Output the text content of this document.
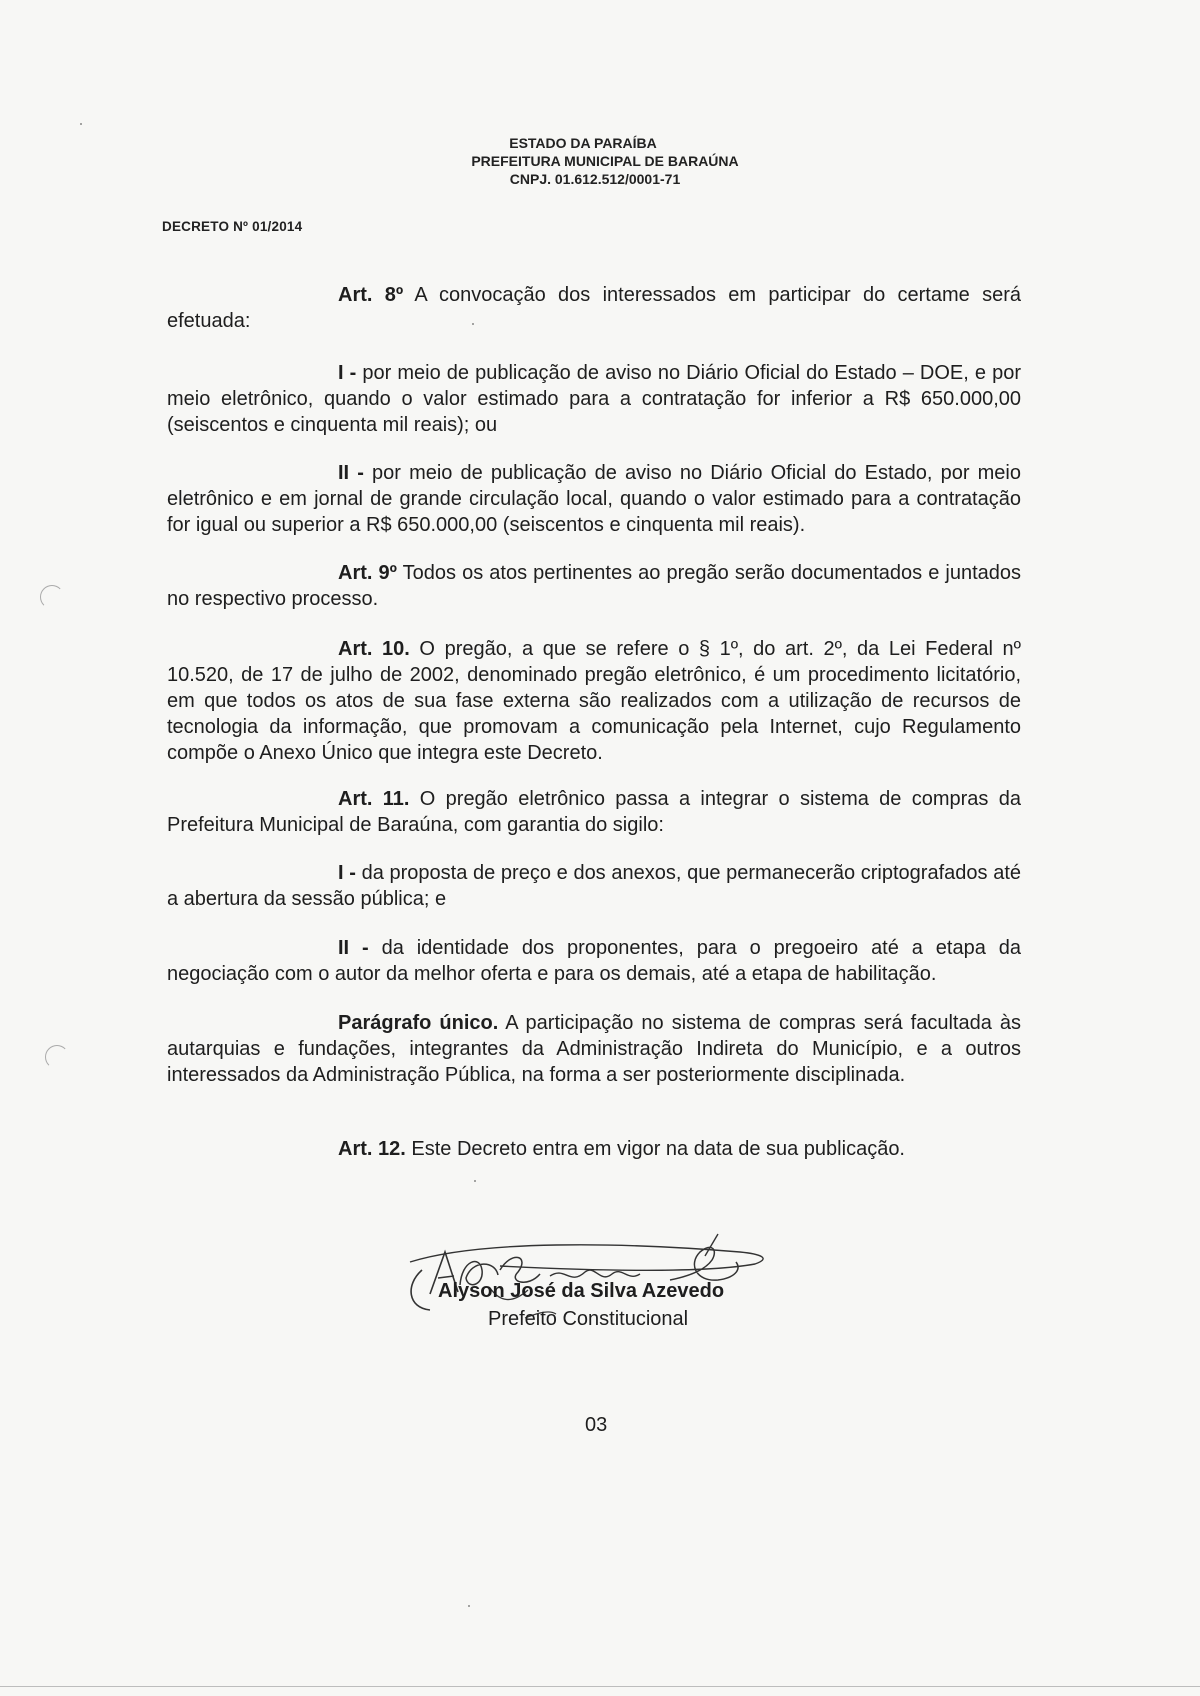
ESTADO DA PARAÍBA
PREFEITURA MUNICIPAL DE BARAÚNA
CNPJ. 01.612.512/0001-71
DECRETO Nº 01/2014
Art. 8º A convocação dos interessados em participar do certame será efetuada:
I - por meio de publicação de aviso no Diário Oficial do Estado – DOE, e por meio eletrônico, quando o valor estimado para a contratação for inferior a R$ 650.000,00 (seiscentos e cinquenta mil reais); ou
II - por meio de publicação de aviso no Diário Oficial do Estado, por meio eletrônico e em jornal de grande circulação local, quando o valor estimado para a contratação for igual ou superior a R$ 650.000,00 (seiscentos e cinquenta mil reais).
Art. 9º Todos os atos pertinentes ao pregão serão documentados e juntados no respectivo processo.
Art. 10. O pregão, a que se refere o § 1º, do art. 2º, da Lei Federal nº 10.520, de 17 de julho de 2002, denominado pregão eletrônico, é um procedimento licitatório, em que todos os atos de sua fase externa são realizados com a utilização de recursos de tecnologia da informação, que promovam a comunicação pela Internet, cujo Regulamento compõe o Anexo Único que integra este Decreto.
Art. 11. O pregão eletrônico passa a integrar o sistema de compras da Prefeitura Municipal de Baraúna, com garantia do sigilo:
I - da proposta de preço e dos anexos, que permanecerão criptografados até a abertura da sessão pública; e
II - da identidade dos proponentes, para o pregoeiro até a etapa da negociação com o autor da melhor oferta e para os demais, até a etapa de habilitação.
Parágrafo único. A participação no sistema de compras será facultada às autarquias e fundações, integrantes da Administração Indireta do Município, e a outros interessados da Administração Pública, na forma a ser posteriormente disciplinada.
Art. 12. Este Decreto entra em vigor na data de sua publicação.
Alyson José da Silva Azevedo
Prefeito Constitucional
03
